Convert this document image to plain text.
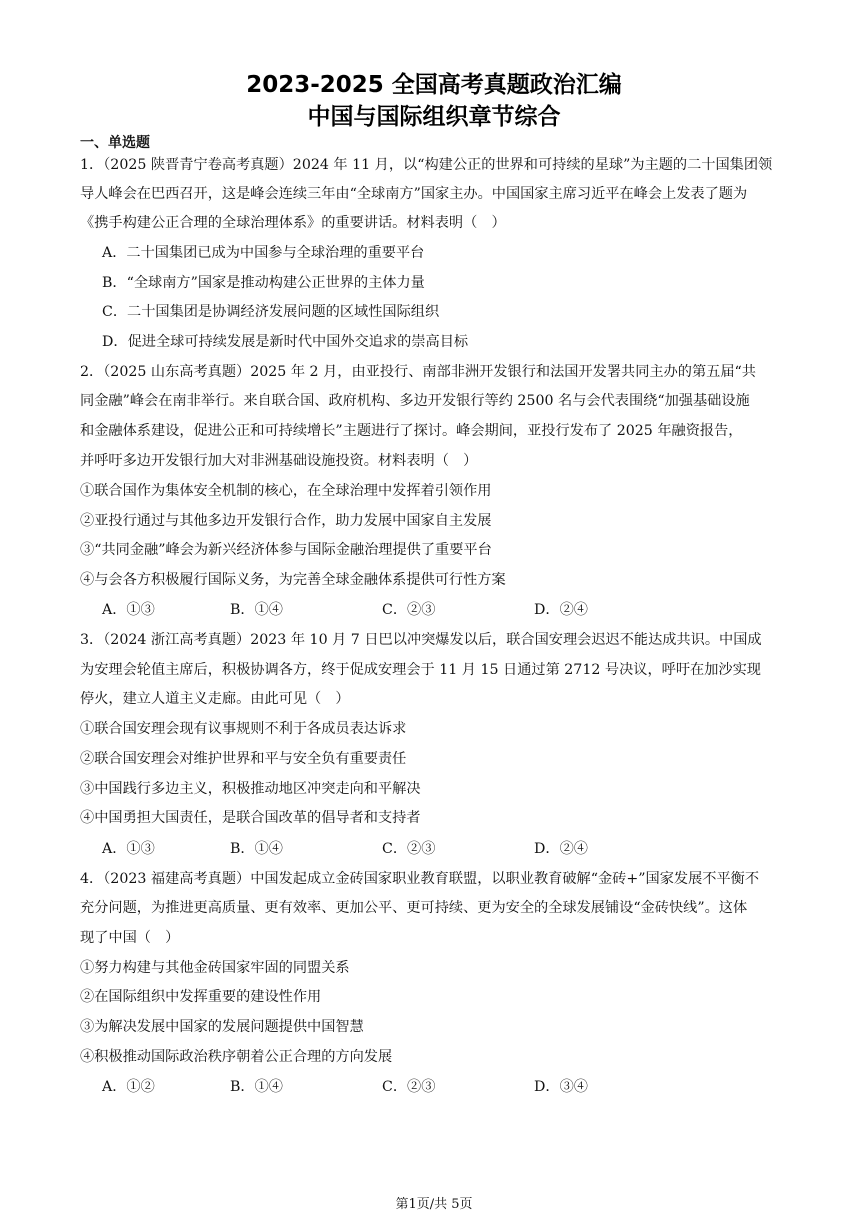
2023-2025 全国高考真题政治汇编
中国与国际组织章节综合
一、单选题
1．（2025 陕晋青宁卷高考真题）2024 年 11 月，以“构建公正的世界和可持续的星球”为主题的二十国集团领
导人峰会在巴西召开，这是峰会连续三年由“全球南方”国家主办。中国国家主席习近平在峰会上发表了题为
《携手构建公正合理的全球治理体系》的重要讲话。材料表明（　）
A．二十国集团已成为中国参与全球治理的重要平台
B．“全球南方”国家是推动构建公正世界的主体力量
C．二十国集团是协调经济发展问题的区域性国际组织
D．促进全球可持续发展是新时代中国外交追求的崇高目标
2．（2025 山东高考真题）2025 年 2 月，由亚投行、南部非洲开发银行和法国开发署共同主办的第五届“共
同金融”峰会在南非举行。来自联合国、政府机构、多边开发银行等约 2500 名与会代表围绕“加强基础设施
和金融体系建设，促进公正和可持续增长”主题进行了探讨。峰会期间，亚投行发布了 2025 年融资报告，
并呼吁多边开发银行加大对非洲基础设施投资。材料表明（　）
①联合国作为集体安全机制的核心，在全球治理中发挥着引领作用
②亚投行通过与其他多边开发银行合作，助力发展中国家自主发展
③“共同金融”峰会为新兴经济体参与国际金融治理提供了重要平台
④与会各方积极履行国际义务，为完善全球金融体系提供可行性方案
A．①③	B．①④	C．②③	D．②④
3．（2024 浙江高考真题）2023 年 10 月 7 日巴以冲突爆发以后，联合国安理会迟迟不能达成共识。中国成
为安理会轮值主席后，积极协调各方，终于促成安理会于 11 月 15 日通过第 2712 号决议，呼吁在加沙实现
停火，建立人道主义走廊。由此可见（　）
①联合国安理会现有议事规则不利于各成员表达诉求
②联合国安理会对维护世界和平与安全负有重要责任
③中国践行多边主义，积极推动地区冲突走向和平解决
④中国勇担大国责任，是联合国改革的倡导者和支持者
A．①③	B．①④	C．②③	D．②④
4．（2023 福建高考真题）中国发起成立金砖国家职业教育联盟，以职业教育破解“金砖+”国家发展不平衡不
充分问题，为推进更高质量、更有效率、更加公平、更可持续、更为安全的全球发展铺设“金砖快线”。这体
现了中国（　）
①努力构建与其他金砖国家牢固的同盟关系
②在国际组织中发挥重要的建设性作用
③为解决发展中国家的发展问题提供中国智慧
④积极推动国际政治秩序朝着公正合理的方向发展
A．①②	B．①④	C．②③	D．③④
第1页/共 5页
